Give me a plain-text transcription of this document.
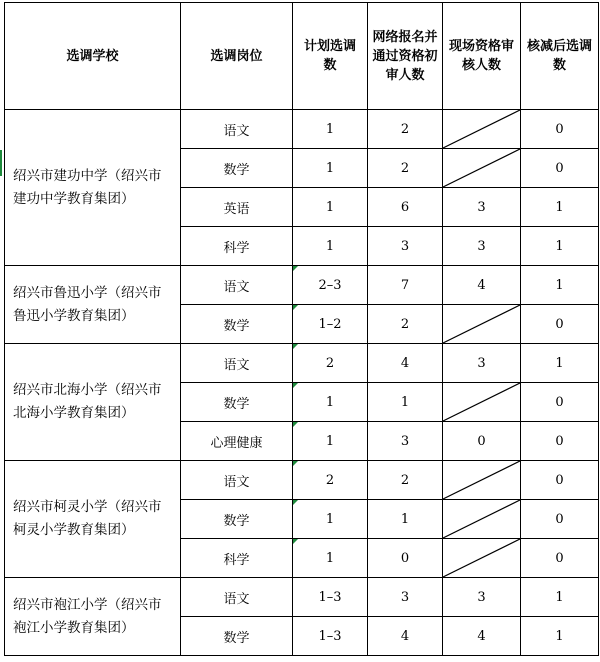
选调学校	选调岗位	计划选调数	网络报名并通过资格初审人数	现场资格审核人数	核减后选调数

绍兴市建功中学（绍兴市建功中学教育集团）	语文	1	2		0
	数学	1	2		0
	英语	1	6	3	1
	科学	1	3	3	1
绍兴市鲁迅小学（绍兴市鲁迅小学教育集团）	语文	2–3	7	4	1
	数学	1–2	2		0
绍兴市北海小学（绍兴市北海小学教育集团）	语文	2	4	3	1
	数学	1	1		0
	心理健康	1	3	0	0
绍兴市柯灵小学（绍兴市柯灵小学教育集团）	语文	2	2		0
	数学	1	1		0
	科学	1	0		0
绍兴市袍江小学（绍兴市袍江小学教育集团）	语文	1–3	3	3	1
	数学	1–3	4	4	1
